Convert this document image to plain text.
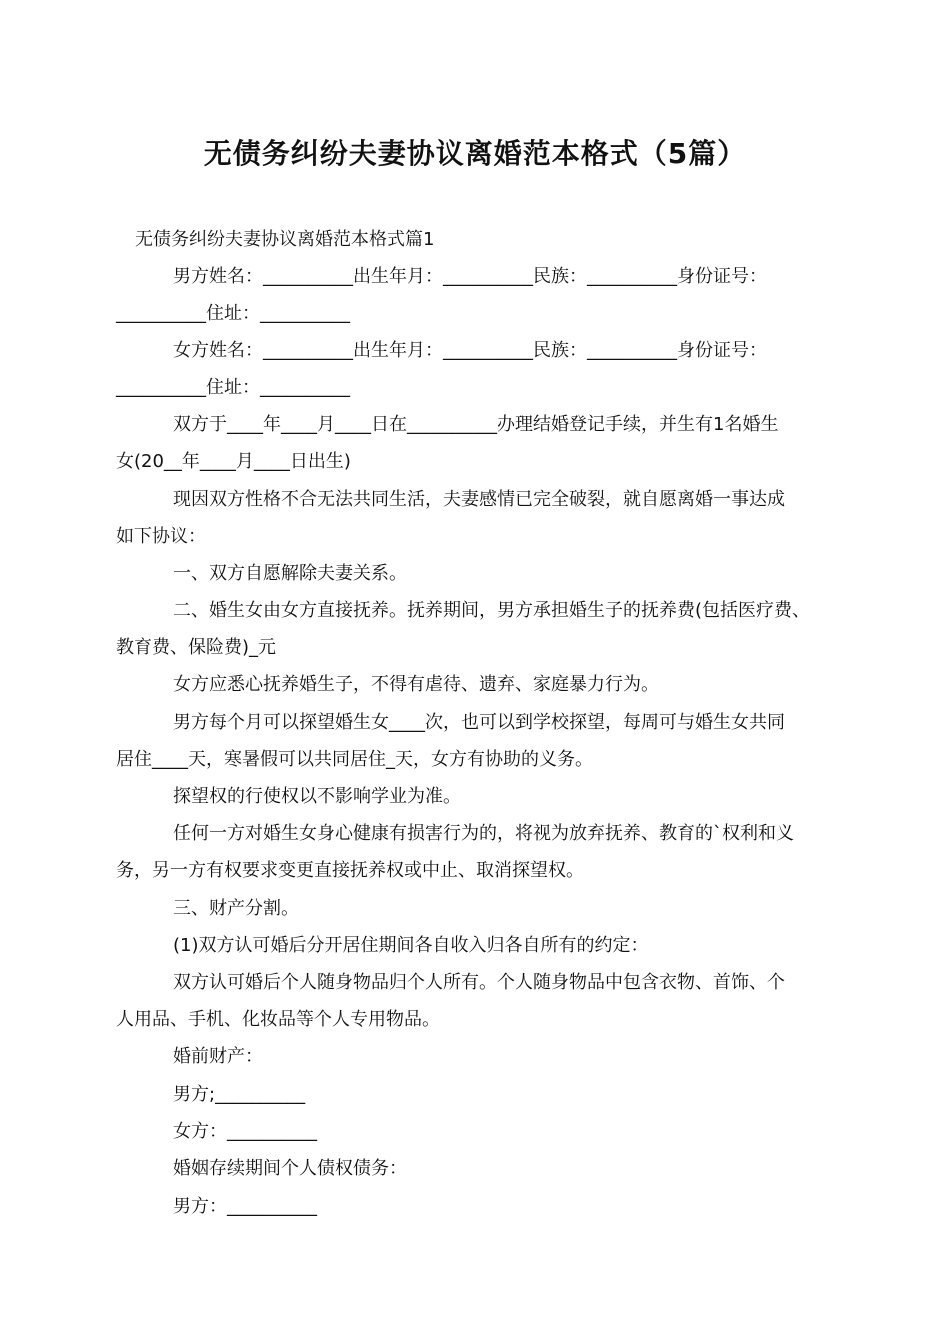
无债务纠纷夫妻协议离婚范本格式（5篇）
无债务纠纷夫妻协议离婚范本格式篇1
男方姓名：__________出生年月：__________民族：__________身份证号：
__________住址：__________
女方姓名：__________出生年月：__________民族：__________身份证号：
__________住址：__________
双方于____年____月____日在__________办理结婚登记手续，并生有1名婚生
女(20__年____月____日出生)
现因双方性格不合无法共同生活，夫妻感情已完全破裂，就自愿离婚一事达成
如下协议：
一、双方自愿解除夫妻关系。
二、婚生女由女方直接抚养。抚养期间，男方承担婚生子的抚养费(包括医疗费、
教育费、保险费)_元
女方应悉心抚养婚生子，不得有虐待、遗弃、家庭暴力行为。
男方每个月可以探望婚生女____次，也可以到学校探望，每周可与婚生女共同
居住____天，寒暑假可以共同居住_天，女方有协助的义务。
探望权的行使权以不影响学业为准。
任何一方对婚生女身心健康有损害行为的，将视为放弃抚养、教育的`权利和义
务，另一方有权要求变更直接抚养权或中止、取消探望权。
三、财产分割。
(1)双方认可婚后分开居住期间各自收入归各自所有的约定：
双方认可婚后个人随身物品归个人所有。个人随身物品中包含衣物、首饰、个
人用品、手机、化妆品等个人专用物品。
婚前财产：
男方;__________
女方：__________
婚姻存续期间个人债权债务：
男方：__________
